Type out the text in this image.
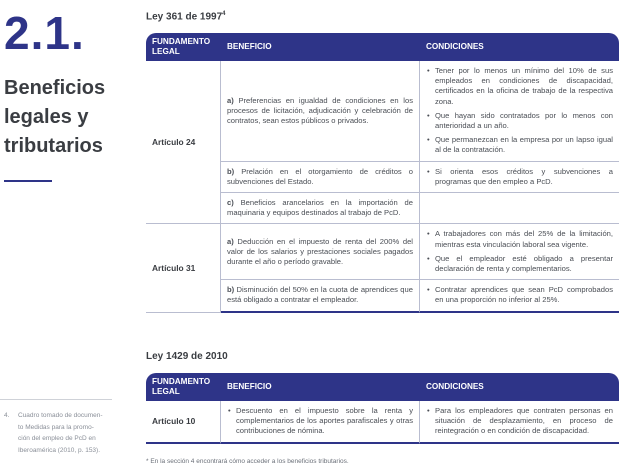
2.1.
Beneficios
legales y
tributarios
4. Cuadro tomado de documen-
to Medidas para la promo-
ción del empleo de PcD en
Iberoamérica (2010, p. 153).
Ley 361 de 1997$^4$
FUNDAMENTO LEGAL	BENEFICIO	CONDICIONES
Artículo 24	a) Preferencias en igualdad de condiciones en los procesos de licitación, adjudicación y celebración de contratos, sean estos públicos o privados.	• Tener por lo menos un mínimo del 10% de sus empleados en condiciones de discapacidad, certificados en la oficina de trabajo de la respectiva zona.

• Que hayan sido contratados por lo menos con anterioridad a un año.

• Que permanezcan en la empresa por un lapso igual al de la contratación.

	b) Prelación en el otorgamiento de créditos o subvenciones del Estado.	• Si orienta esos créditos y subvenciones a programas que den empleo a PcD.

	c) Beneficios arancelarios en la importación de maquinaria y equipos destinados al trabajo de PcD.	

Artículo 31	a) Deducción en el impuesto de renta del 200% del valor de los salarios y prestaciones sociales pagados durante el año o período gravable.	• A trabajadores con más del 25% de la limitación, mientras esta vinculación laboral sea vigente.

• Que el empleador esté obligado a presentar declaración de renta y complementarios.

	b) Disminución del 50% en la cuota de aprendices que está obligado a contratar el empleador.	• Contratar aprendices que sean PcD comprobados en una proporción no inferior al 25%.

Ley 1429 de 2010
FUNDAMENTO LEGAL	BENEFICIO	CONDICIONES
Artículo 10	• Descuento en el impuesto sobre la renta y complementarios de los aportes parafiscales y otras contribuciones de nómina.	• Para los empleadores que contraten personas en situación de desplazamiento, en proceso de reintegración o en condición de discapacidad.

* En la sección 4 encontrará cómo acceder a los beneficios tributarios.
